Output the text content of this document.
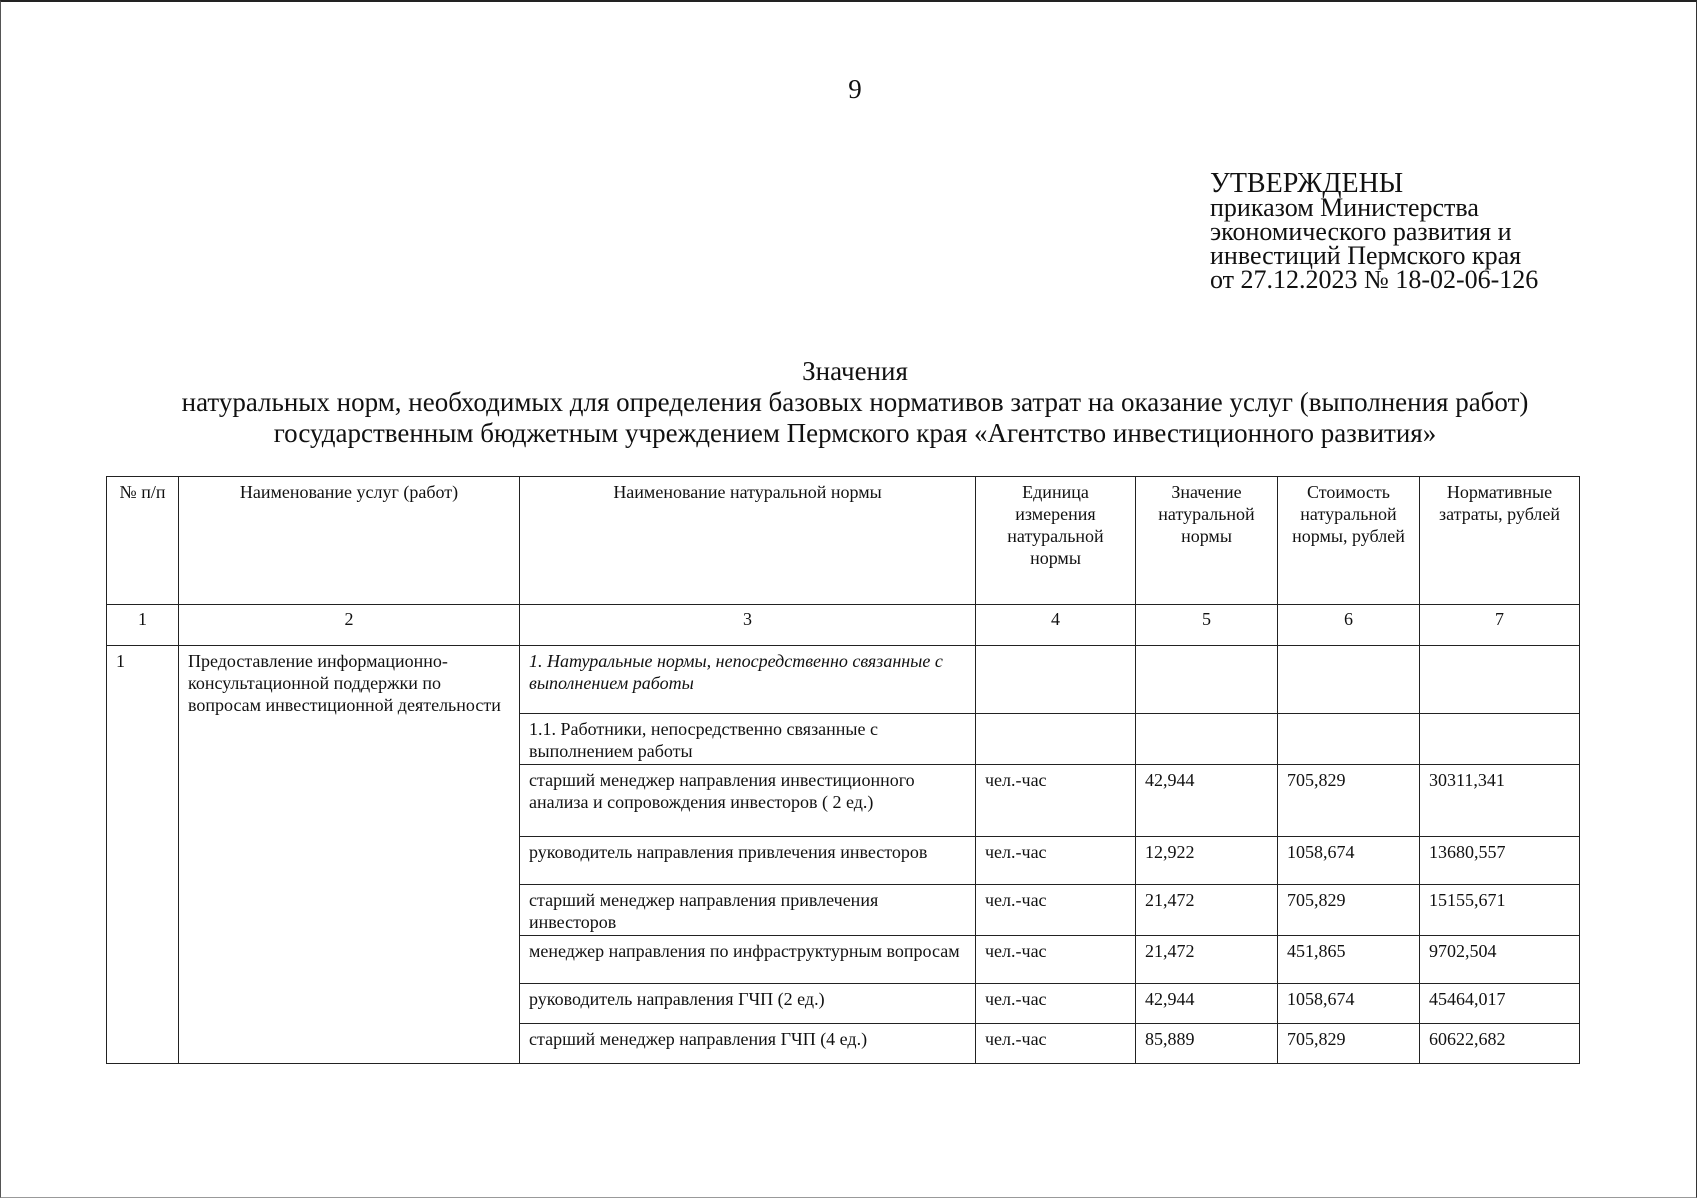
9
УТВЕРЖДЕНЫ
приказом Министерства
экономического развития и
инвестиций Пермского края
от 27.12.2023 № 18-02-06-126
Значения
натуральных норм, необходимых для определения базовых нормативов затрат на оказание услуг (выполнения работ)
государственным бюджетным учреждением Пермского края «Агентство инвестиционного развития»
№ п/п	Наименование услуг (работ)	Наименование натуральной нормы	Единица измерения натуральной нормы	Значение натуральной нормы	Стоимость натуральной нормы, рублей	Нормативные затраты, рублей
1	2	3	4	5	6	7
1	Предоставление информационно-консультационной поддержки по вопросам инвестиционной деятельности	1. Натуральные нормы, непосредственно связанные с выполнением работы				
		1.1. Работники, непосредственно связанные с выполнением работы				
		старший менеджер направления инвестиционного анализа и сопровождения инвесторов ( 2 ед.)	чел.-час	42,944	705,829	30311,341
		руководитель направления привлечения инвесторов	чел.-час	12,922	1058,674	13680,557
		старший менеджер направления привлечения инвесторов	чел.-час	21,472	705,829	15155,671
		менеджер направления по инфраструктурным вопросам	чел.-час	21,472	451,865	9702,504
		руководитель направления ГЧП (2 ед.)	чел.-час	42,944	1058,674	45464,017
		старший менеджер направления ГЧП (4 ед.)	чел.-час	85,889	705,829	60622,682
